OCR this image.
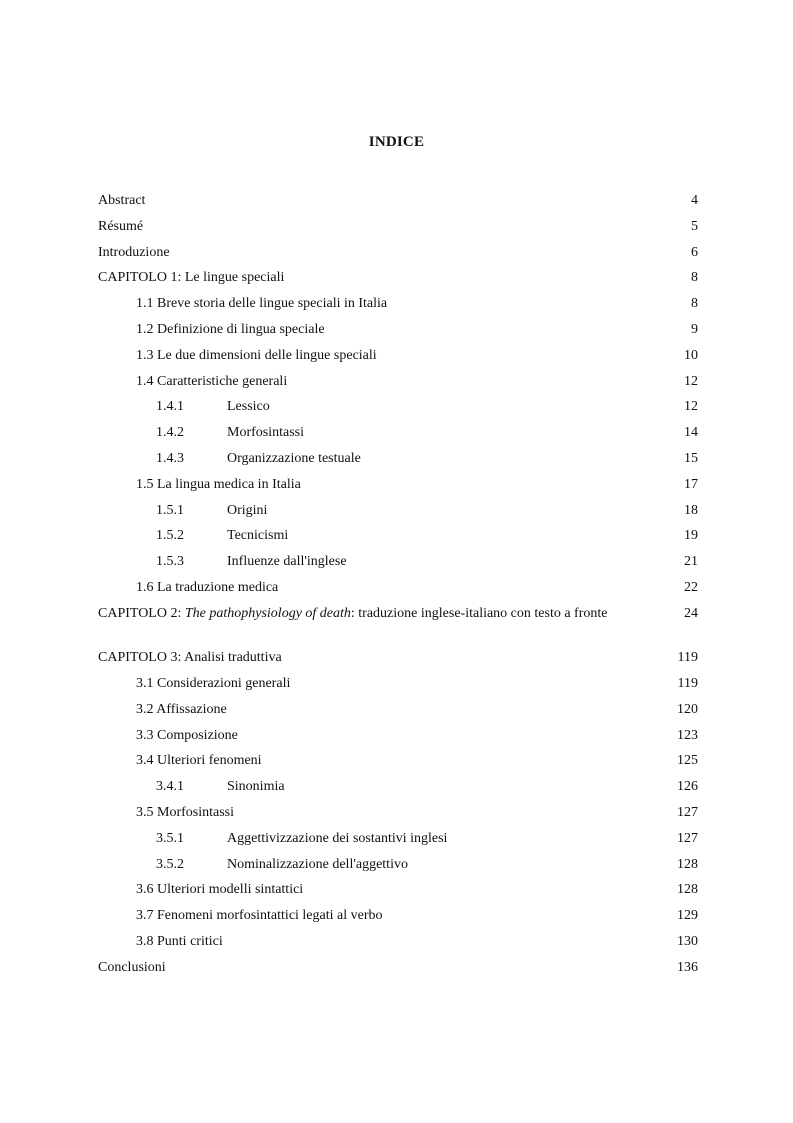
INDICE
Abstract	4
Résumé	5
Introduzione	6
CAPITOLO 1: Le lingue speciali	8
1.1 Breve storia delle lingue speciali in Italia	8
1.2 Definizione di lingua speciale	9
1.3 Le due dimensioni delle lingue speciali	10
1.4 Caratteristiche generali	12
1.4.1	Lessico	12
1.4.2	Morfosintassi	14
1.4.3	Organizzazione testuale	15
1.5 La lingua medica in Italia	17
1.5.1	Origini	18
1.5.2	Tecnicismi	19
1.5.3	Influenze dall'inglese	21
1.6 La traduzione medica	22
CAPITOLO 2: The pathophysiology of death: traduzione inglese-italiano con testo a fronte	24
CAPITOLO 3: Analisi traduttiva	119
3.1 Considerazioni generali	119
3.2 Affissazione	120
3.3 Composizione	123
3.4 Ulteriori fenomeni	125
3.4.1	Sinonimia	126
3.5 Morfosintassi	127
3.5.1	Aggettivizzazione dei sostantivi inglesi	127
3.5.2	Nominalizzazione dell'aggettivo	128
3.6 Ulteriori modelli sintattici	128
3.7 Fenomeni morfosintattici legati al verbo	129
3.8 Punti critici	130
Conclusioni	136
